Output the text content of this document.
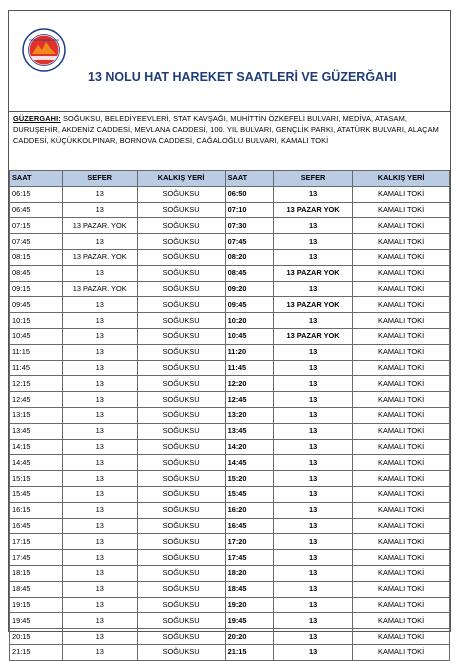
ISPARTA BELEDİYESİ
13 NOLU HAT HAREKET SAATLERİ VE GÜZERĞAHI
GÜZERGAHI: SOĞUKSU, BELEDİYEEVLERİ, STAT KAVŞAĞI, MUHİTTİN ÖZKEFELİ BULVARI, MEDİVA, ATASAM, DURUŞEHİR, AKDENİZ CADDESİ, MEVLANA CADDESİ, 100. YIL BULVARI, GENÇLİK PARKI, ATATÜRK BULVARI, ALAÇAM CADDESİ, KÜÇÜKKOLPINAR, BORNOVA CADDESİ, CAĞALOĞLU BULVARI, KAMALI TOKİ
SAAT	SEFER	KALKIŞ YERİ	SAAT	SEFER	KALKIŞ YERİ
06:15	13	SOĞUKSU	06:50	13	KAMALI TOKİ
06:45	13	SOĞUKSU	07:10	13 PAZAR YOK	KAMALI TOKİ
07:15	13 PAZAR. YOK	SOĞUKSU	07:30	13	KAMALI TOKİ
07:45	13	SOĞUKSU	07:45	13	KAMALI TOKİ
08:15	13 PAZAR. YOK	SOĞUKSU	08:20	13	KAMALI TOKİ
08:45	13	SOĞUKSU	08:45	13 PAZAR YOK	KAMALI TOKİ
09:15	13 PAZAR. YOK	SOĞUKSU	09:20	13	KAMALI TOKİ
09:45	13	SOĞUKSU	09:45	13 PAZAR YOK	KAMALI TOKİ
10:15	13	SOĞUKSU	10:20	13	KAMALI TOKİ
10:45	13	SOĞUKSU	10:45	13 PAZAR YOK	KAMALI TOKİ
11:15	13	SOĞUKSU	11:20	13	KAMALI TOKİ
11:45	13	SOĞUKSU	11:45	13	KAMALI TOKİ
12:15	13	SOĞUKSU	12:20	13	KAMALI TOKİ
12:45	13	SOĞUKSU	12:45	13	KAMALI TOKİ
13:15	13	SOĞUKSU	13:20	13	KAMALI TOKİ
13:45	13	SOĞUKSU	13:45	13	KAMALI TOKİ
14:15	13	SOĞUKSU	14:20	13	KAMALI TOKİ
14:45	13	SOĞUKSU	14:45	13	KAMALI TOKİ
15:15	13	SOĞUKSU	15:20	13	KAMALI TOKİ
15:45	13	SOĞUKSU	15:45	13	KAMALI TOKİ
16:15	13	SOĞUKSU	16:20	13	KAMALI TOKİ
16:45	13	SOĞUKSU	16:45	13	KAMALI TOKİ
17:15	13	SOĞUKSU	17:20	13	KAMALI TOKİ
17:45	13	SOĞUKSU	17:45	13	KAMALI TOKİ
18:15	13	SOĞUKSU	18:20	13	KAMALI TOKİ
18:45	13	SOĞUKSU	18:45	13	KAMALI TOKİ
19:15	13	SOĞUKSU	19:20	13	KAMALI TOKİ
19:45	13	SOĞUKSU	19:45	13	KAMALI TOKİ
20:15	13	SOĞUKSU	20:20	13	KAMALI TOKİ
21:15	13	SOĞUKSU	21:15	13	KAMALI TOKİ
